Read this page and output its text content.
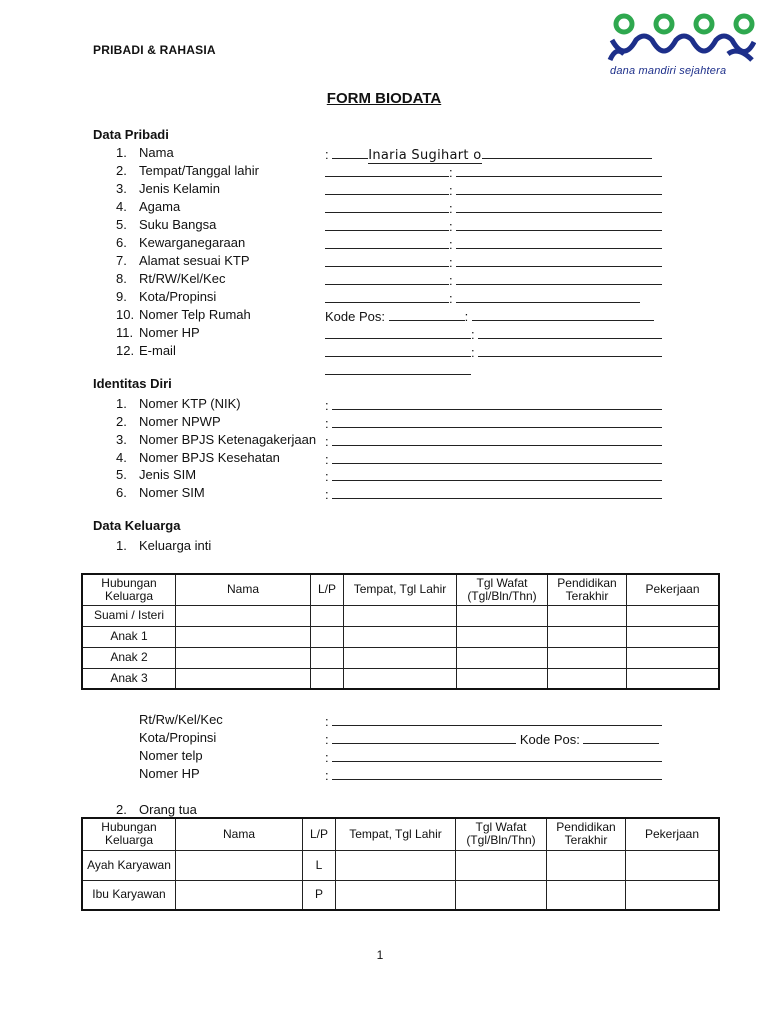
PRIBADI & RAHASIA
dana mandiri sejahtera
FORM BIODATA
Data Pribadi
1. Nama	:	Inaria Sugihart o
2. Tempat/Tanggal lahir	:
3. Jenis Kelamin	:
4. Agama	:
5. Suku Bangsa	:
6. Kewarganegaraan	:
7. Alamat sesuai KTP	:
8. Rt/RW/Kel/Kec	:
9. Kota/Propinsi	:
10. Nomer Telp Rumah	Kode Pos:	:
11. Nomer HP	:
12. E-mail	:
Identitas Diri
1. Nomer KTP (NIK)	:
2. Nomer NPWP	:
3. Nomer BPJS Ketenagakerjaan :
4. Nomer BPJS Kesehatan	:
5. Jenis SIM	:
6. Nomer SIM	:
Data Keluarga
1. Keluarga inti
Hubungan Keluarga	Nama	L/P	Tempat, Tgl Lahir	Tgl Wafat (Tgl/Bln/Thn)	Pendidikan Terakhir	Pekerjaan
Suami / Isteri						
Anak 1						
Anak 2						
Anak 3						
Rt/Rw/Kel/Kec	:
Kota/Propinsi	:	Kode Pos:
Nomer telp	:
Nomer HP	:
2. Orang tua
Hubungan Keluarga	Nama	L/P	Tempat, Tgl Lahir	Tgl Wafat (Tgl/Bln/Thn)	Pendidikan Terakhir	Pekerjaan
Ayah Karyawan		L				
Ibu Karyawan		P				
1
